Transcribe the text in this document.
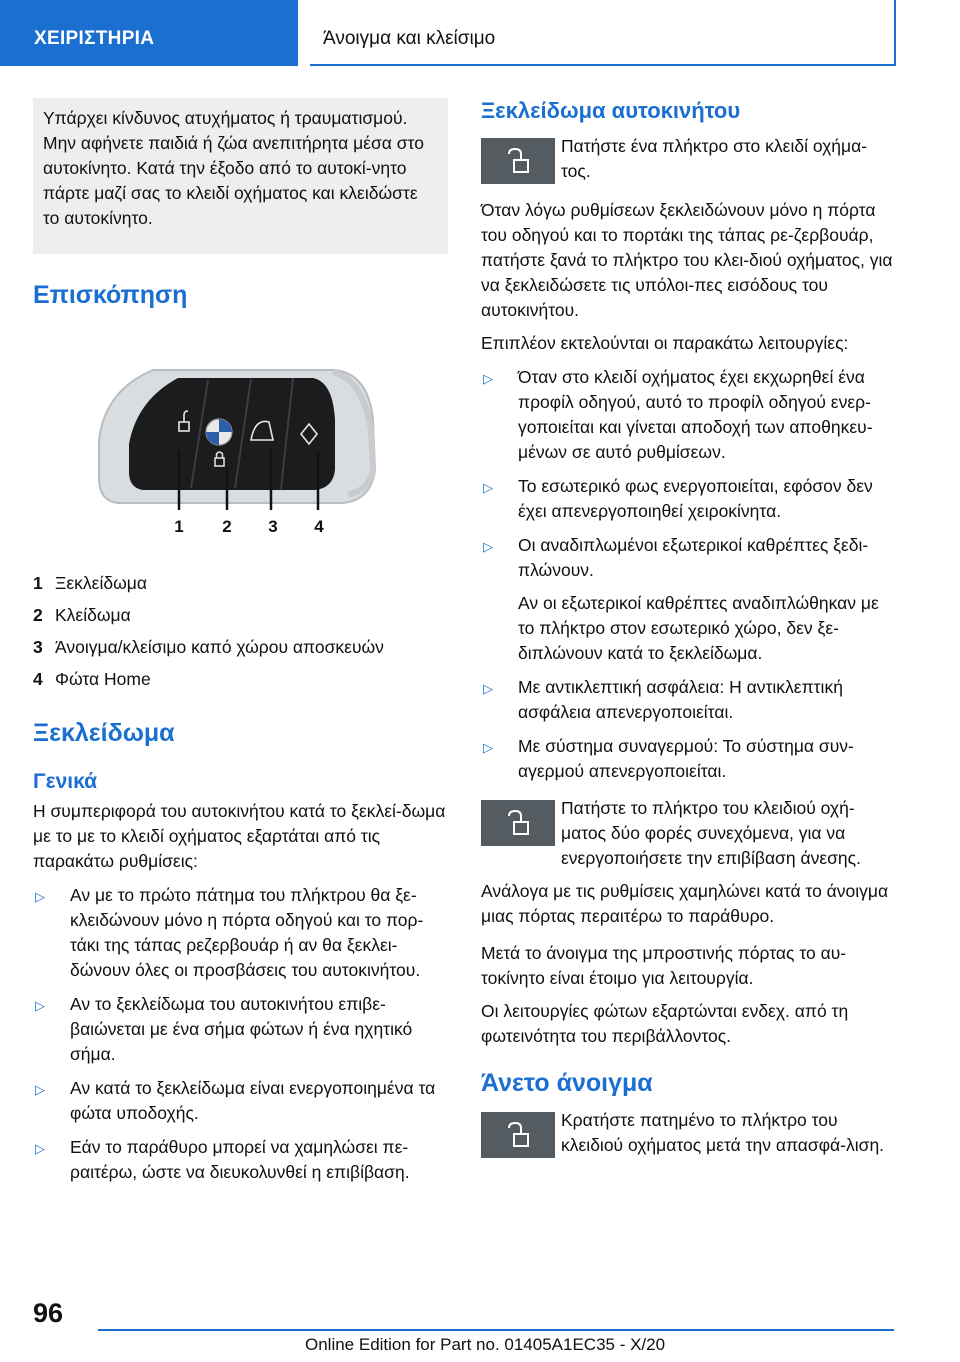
ΧΕΙΡΙΣΤΗΡΙΑ	Άνοιγμα και κλείσιμο

Υπάρχει κίνδυνος ατυχήματος ή τραυματισμού. Μην αφήνετε παιδιά ή ζώα ανεπιτήρητα μέσα στο αυτοκίνητο. Κατά την έξοδο από το αυτοκί-νητο πάρτε μαζί σας το κλειδί οχήματος και κλειδώστε το αυτοκίνητο.

Επισκόπηση
1 2 3 4
1 Ξεκλείδωμα
2 Κλείδωμα
3 Άνοιγμα/κλείσιμο καπό χώρου αποσκευών
4 Φώτα Home
Ξεκλείδωμα
Γενικά

Η συμπεριφορά του αυτοκινήτου κατά το ξεκλεί-δωμα με το με το κλειδί οχήματος εξαρτάται από τις παρακάτω ρυθμίσεις:

▷ Αν με το πρώτο πάτημα του πλήκτρου θα ξε-κλειδώνουν μόνο η πόρτα οδηγού και το πορ-τάκι της τάπας ρεζερβουάρ ή αν θα ξεκλει-δώνουν όλες οι προσβάσεις του αυτοκινήτου.
▷ Αν το ξεκλείδωμα του αυτοκινήτου επιβε-βαιώνεται με ένα σήμα φώτων ή ένα ηχητικό σήμα.
▷ Αν κατά το ξεκλείδωμα είναι ενεργοποιημένα τα φώτα υποδοχής.
▷ Εάν το παράθυρο μπορεί να χαμηλώσει πε-ραιτέρω, ώστε να διευκολυνθεί η επιβίβαση.
Ξεκλείδωμα αυτοκινήτου
Πατήστε ένα πλήκτρο στο κλειδί οχήμα-τος.

Όταν λόγω ρυθμίσεων ξεκλειδώνουν μόνο η πόρτα του οδηγού και το πορτάκι της τάπας ρε-ζερβουάρ, πατήστε ξανά το πλήκτρο του κλει-διού οχήματος, για να ξεκλειδώσετε τις υπόλοι-πες εισόδους του αυτοκινήτου.

Επιπλέον εκτελούνται οι παρακάτω λειτουργίες:

▷ Όταν στο κλειδί οχήματος έχει εκχωρηθεί ένα προφίλ οδηγού, αυτό το προφίλ οδηγού ενερ-γοποιείται και γίνεται αποδοχή των αποθηκευ-μένων σε αυτό ρυθμίσεων.
▷ Το εσωτερικό φως ενεργοποιείται, εφόσον δεν έχει απενεργοποιηθεί χειροκίνητα.
▷ Οι αναδιπλωμένοι εξωτερικοί καθρέπτες ξεδι-πλώνουν.

Αν οι εξωτερικοί καθρέπτες αναδιπλώθηκαν με το πλήκτρο στον εσωτερικό χώρο, δεν ξε-διπλώνουν κατά το ξεκλείδωμα.

▷ Με αντικλεπτική ασφάλεια: Η αντικλεπτική ασφάλεια απενεργοποιείται.
▷ Με σύστημα συναγερμού: Το σύστημα συν-αγερμού απενεργοποιείται.
Πατήστε το πλήκτρο του κλειδιού οχή-ματος δύο φορές συνεχόμενα, για να ενεργοποιήσετε την επιβίβαση άνεσης.

Ανάλογα με τις ρυθμίσεις χαμηλώνει κατά το άνοιγμα μιας πόρτας περαιτέρω το παράθυρο.

Μετά το άνοιγμα της μπροστινής πόρτας το αυ-τοκίνητο είναι έτοιμο για λειτουργία.

Οι λειτουργίες φώτων εξαρτώνται ενδεχ. από τη φωτεινότητα του περιβάλλοντος.

Άνετο άνοιγμα
Κρατήστε πατημένο το πλήκτρο του κλειδιού οχήματος μετά την απασφά-λιση.
96
Online Edition for Part no. 01405A1EC35 - X/20
